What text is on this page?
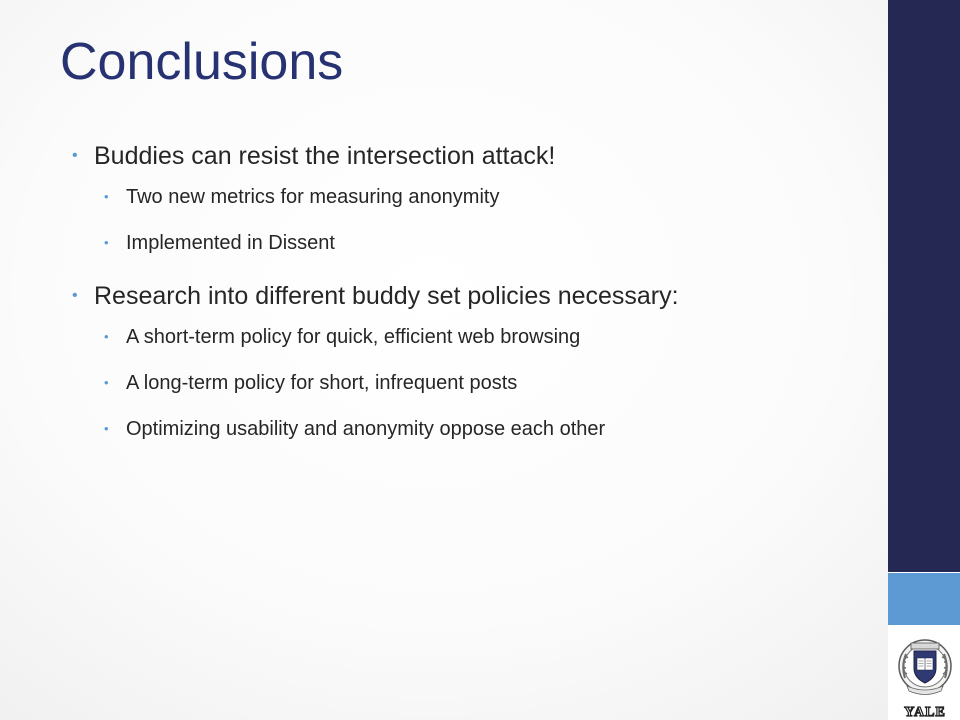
Conclusions
• Buddies can resist the intersection attack!
• Two new metrics for measuring anonymity
• Implemented in Dissent
• Research into different buddy set policies necessary:
• A short-term policy for quick, efficient web browsing
• A long-term policy for short, infrequent posts
• Optimizing usability and anonymity oppose each other
YALE
